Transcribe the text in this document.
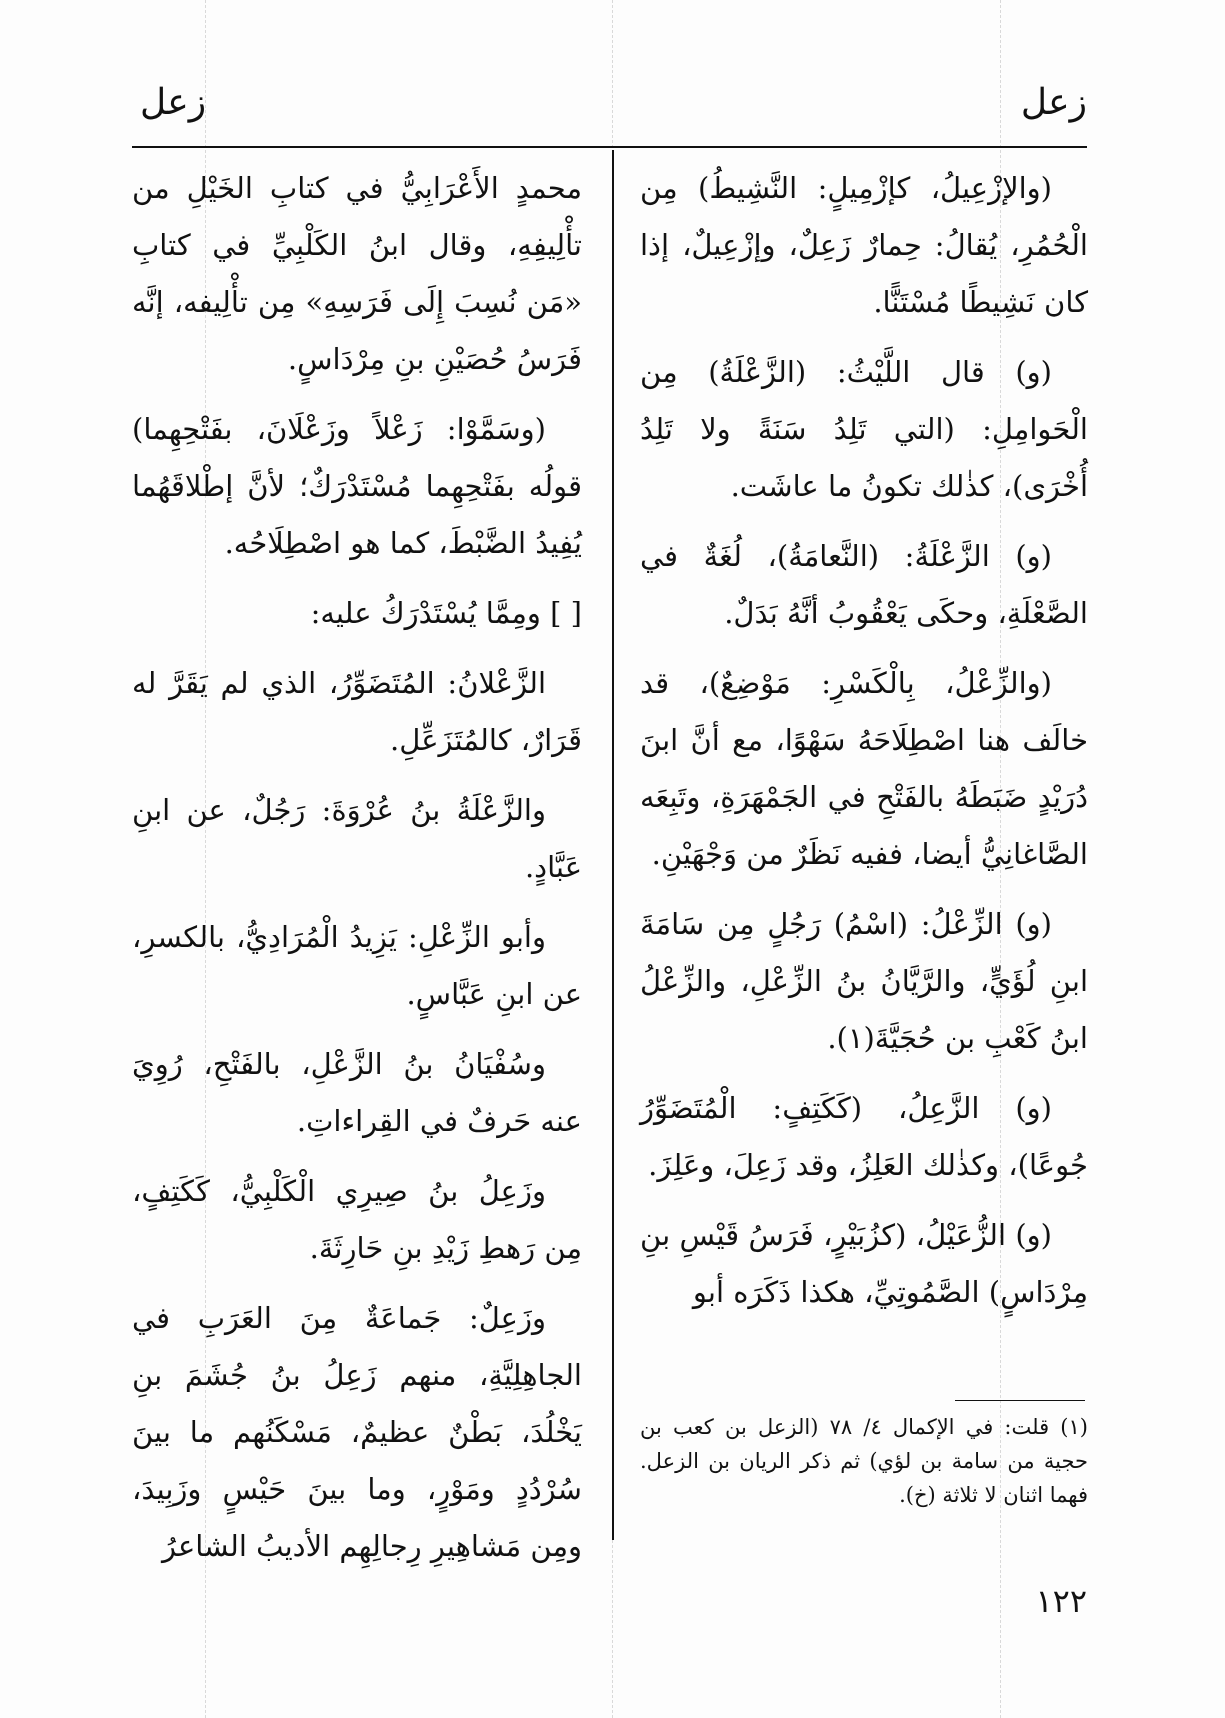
زعل
زعل

(والإزْعِيلُ، كإزْمِيلٍ: النَّشِيطُ) مِن الْحُمُرِ، يُقالُ: حِمارٌ زَعِلٌ، وإزْعِيلٌ، إذا كان نَشِيطًا مُسْتَنًّا.

(و) قال اللَّيْثُ: (الزَّعْلَةُ) مِن الْحَوامِلِ: (التي تَلِدُ سَنَةً ولا تَلِدُ أُخْرَى)، كذٰلك تكونُ ما عاشَت.

(و) الزَّعْلَةُ: (النَّعامَةُ)، لُغَةٌ في الصَّعْلَةِ، وحكَى يَعْقُوبُ أنَّهُ بَدَلٌ.

(والزِّعْلُ، بِالْكَسْرِ: مَوْضِعٌ)، قد خالَف هنا اصْطِلَاحَهُ سَهْوًا، مع أنَّ ابنَ دُرَيْدٍ ضَبَطَهُ بالفَتْحِ في الجَمْهَرَةِ، وتَبِعَه الصَّاغانِيُّ أيضا، ففيه نَظَرٌ من وَجْهَيْنِ.

(و) الزِّعْلُ: (اسْمُ) رَجُلٍ مِن سَامَةَ ابنِ لُؤَيٍّ، والرَّيَّانُ بنُ الزِّعْلِ، والزِّعْلُ ابنُ كَعْبِ بن حُجَيَّةَ(١).

(و) الزَّعِلُ، (كَكَتِفٍ: الْمُتَضَوِّرُ جُوعًا)، وكذٰلك العَلِزُ، وقد زَعِلَ، وعَلِزَ.

(و) الزُّعَيْلُ، (كزُبَيْرٍ، فَرَسُ قَيْسِ بنِ مِرْدَاسٍ) الصَّمُوتِيِّ، هكذا ذَكَرَه أبو

محمدٍ الأَعْرَابِيُّ في كتابِ الخَيْلِ من تأْلِيفِهِ، وقال ابنُ الكَلْبِيِّ في كتابِ «مَن نُسِبَ إِلَى فَرَسِهِ» مِن تأْلِيفه، إنَّه فَرَسُ حُصَيْنِ بنِ مِرْدَاسٍ.

(وسَمَّوْا: زَعْلاً وزَعْلَانَ، بفَتْحِهِما) قولُه بفَتْحِهِما مُسْتَدْرَكٌ؛ لأنَّ إطْلاقَهُما يُفِيدُ الضَّبْطَ، كما هو اصْطِلَاحُه.

[ ] ومِمَّا يُسْتَدْرَكُ عليه:

الزَّعْلانُ: المُتَضَوِّرُ، الذي لم يَقَرَّ له قَرَارٌ، كالمُتَزَعِّلِ.

والزَّعْلَةُ بنُ عُرْوَةَ: رَجُلٌ، عن ابنِ عَبَّادٍ.

وأبو الزِّعْلِ: يَزِيدُ الْمُرَادِيُّ، بالكسرِ، عن ابنِ عَبَّاسٍ.

وسُفْيَانُ بنُ الزَّعْلِ، بالفَتْحِ، رُوِيَ عنه حَرفٌ في القِراءاتِ.

وزَعِلُ بنُ صِيرِي الْكَلْبِيُّ، كَكَتِفٍ، مِن رَهطِ زَيْدِ بنِ حَارِثَةَ.

وزَعِلٌ: جَماعَةٌ مِنَ العَرَبِ في الجاهِلِيَّةِ، منهم زَعِلُ بنُ جُشَمَ بنِ يَخْلُدَ، بَطْنٌ عظيمٌ، مَسْكَنُهم ما بينَ سُرْدُدٍ ومَوْرٍ، وما بينَ حَيْسٍ وزَبِيدَ، ومِن مَشاهِيرِ رِجالِهِم الأديبُ الشاعرُ

(١) قلت: في الإكمال ٤/ ٧٨ (الزعل بن كعب بن حجية من سامة بن لؤي) ثم ذكر الريان بن الزعل. فهما اثنان لا ثلاثة (خ).
١٢٢
